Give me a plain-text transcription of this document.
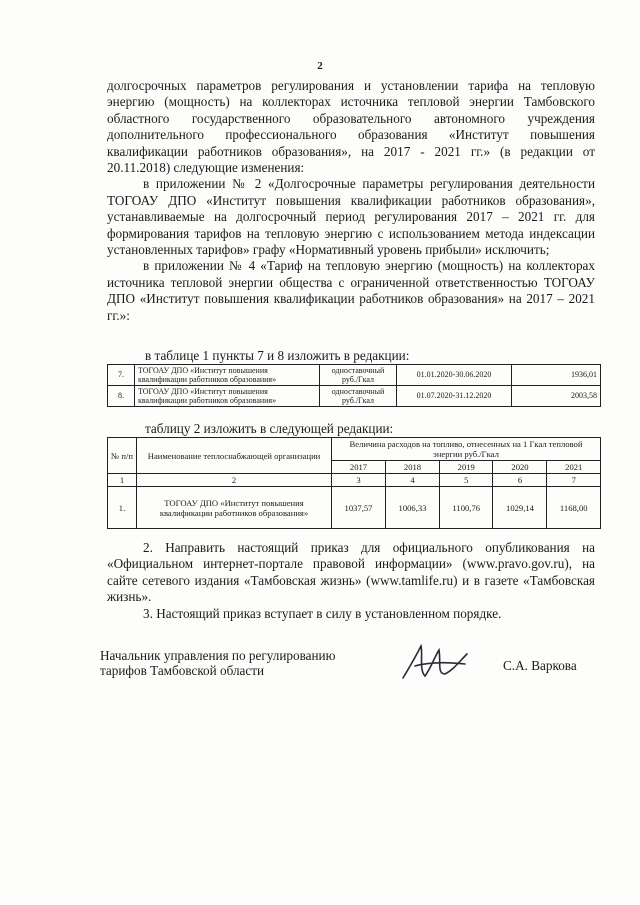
2

долгосрочных параметров регулирования и установлении тарифа на тепловую энергию (мощность) на коллекторах источника тепловой энергии Тамбовского областного государственного образовательного автономного учреждения дополнительного профессионального образования «Институт повышения квалификации работников образования», на 2017 - 2021 гг.» (в редакции от 20.11.2018) следующие изменения:

в приложении № 2 «Долгосрочные параметры регулирования деятельности ТОГОАУ ДПО «Институт повышения квалификации работников образования», устанавливаемые на долгосрочный период регулирования 2017 – 2021 гг. для формирования тарифов на тепловую энергию с использованием метода индексации установленных тарифов» графу «Нормативный уровень прибыли» исключить;

в приложении № 4 «Тариф на тепловую энергию (мощность) на коллекторах источника тепловой энергии общества с ограниченной ответственностью ТОГОАУ ДПО «Институт повышения квалификации работников образования» на 2017 – 2021 гг.»:

в таблице 1 пункты 7 и 8 изложить в редакции:
7.	ТОГОАУ ДПО «Институт повышения квалификации работников образования»	одноставочный руб./Гкал	01.01.2020-30.06.2020	1936,01
8.	ТОГОАУ ДПО «Институт повышения квалификации работников образования»	одноставочный руб./Гкал	01.07.2020-31.12.2020	2003,58
таблицу 2 изложить в следующей редакции:
№ п/п	Наименование теплоснабжающей организации	Величина расходов на топливо, отнесенных на 1 Гкал тепловой энергии руб./Гкал				
		2017	2018	2019	2020	2021
1	2	3	4	5	6	7
1.	ТОГОАУ ДПО «Институт повышения квалификации работников образования»	1037,57	1006,33	1100,76	1029,14	1168,00

2. Направить настоящий приказ для официального опубликования на «Официальном интернет-портале правовой информации» (www.pravo.gov.ru), на сайте сетевого издания «Тамбовская жизнь» (www.tamlife.ru) и в газете «Тамбовская жизнь».

3. Настоящий приказ вступает в силу в установленном порядке.

Начальник управления по регулированию
тарифов Тамбовской области	С.А. Варкова
